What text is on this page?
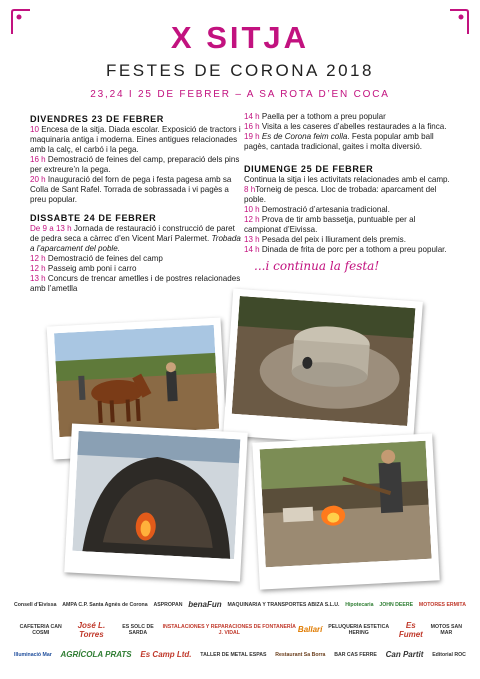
X SITJA
FESTES DE CORONA 2018
23,24 I 25 DE FEBRER – A SA ROTA D’EN COCA
DIVENDRES 23 DE FEBRER

10 Encesa de la sitja. Diada escolar. Exposició de tractors i maquinaria antiga i moderna. Eines antigues relacionades amb la calç, el carbó i la pega.

16 h Demostració de feines del camp, preparació dels pins per extreure’n la pega.

20 h Inauguració del forn de pega i festa pagesa amb sa Colla de Sant Rafel. Torrada de sobrassada i vi pagès a preu popular.

DISSABTE 24 DE FEBRER

De 9 a 13 h Jornada de restauració i construcció de paret de pedra seca a càrrec d’en Vicent Marí Palermet. Trobada a l’aparcament del poble.

12 h Demostració de feines del camp

12 h Passeig amb poni i carro

13 h Concurs de trencar ametlles i de postres relacionades amb l’ametlla

14 h Paella per a tothom a preu popular

16 h Visita a les caseres d’abelles restaurades a la finca.

19 h Es de Corona feim colla. Festa popular amb ball pagès, cantada tradicional, gaites i molta diversió.

DIUMENGE 25 DE FEBRER

Continua la sitja i les activitats relacionades amb el camp.

8 hTorneig de pesca. Lloc de trobada: aparcament del poble.

10 h Demostració d’artesania tradicional.

12 h Prova de tir amb bassetja, puntuable per al campionat d’Eivissa.

13 h Pesada del peix i lliurament dels premis.

14 h Dinada de frita de porc per a tothom a preu popular.

...i continua la festa!
Consell d'Eivissa AMPA C.P. Santa Agnès de Corona ASPROPAN benaFun MAQUINARIA Y TRANSPORTES ABIZA S.L.U. Hipotecaria JOHN DEERE MOTORES ERMITA
CAFETERIA CAN COSMI
José L. Torres
ES SOLC DE SARDA
INSTALACIONES Y REPARACIONES DE FONTANERÍA J. VIDAL	Ballarí	PELUQUERIA ESTETICA HERING
Es Fumet
MOTOS SAN MAR
Illuminació Mar AGRÍCOLA PRATS Es Camp Ltd. TALLER DE METAL ESPAS Restaurant Sa Borra BAR CAS FERRE Can Partit Editorial ROC
